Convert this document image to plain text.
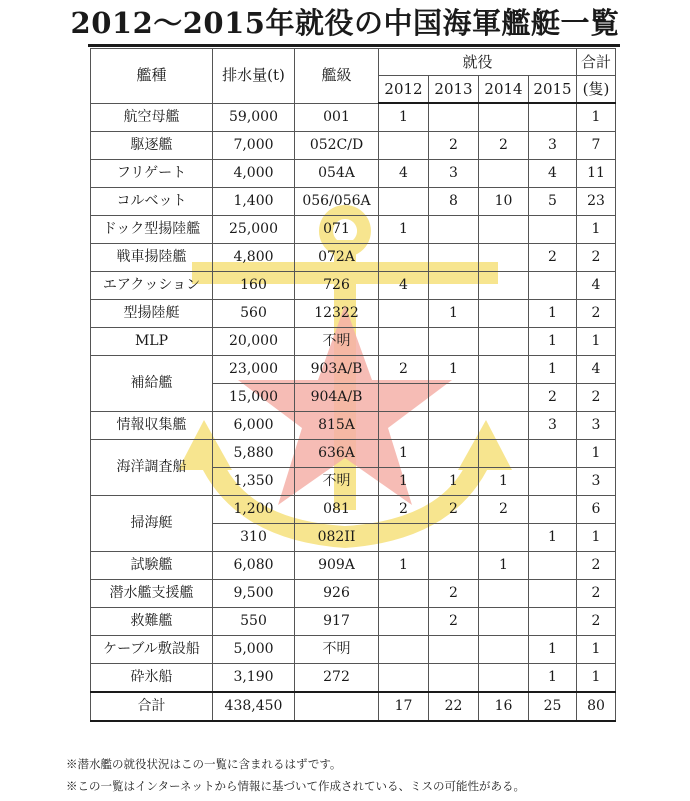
2012〜2015年就役の中国海軍艦艇一覧
艦種	排水量(t)	艦級	就役				合計
			2012	2013	2014	2015	(隻)
航空母艦	59,000	001	1				1
駆逐艦	7,000	052C/D		2	2	3	7
フリゲート	4,000	054A	4	3		4	11
コルベット	1,400	056/056A		8	10	5	23
ドック型揚陸艦	25,000	071	1				1
戦車揚陸艦	4,800	072A				2	2
エアクッション	160	726	4				4
型揚陸艇	560	12322		1		1	2
MLP	20,000	不明				1	1
補給艦	23,000	903A/B	2	1		1	4
	15,000	904A/B				2	2
情報収集艦	6,000	815A				3	3
海洋調査船	5,880	636A	1				1
	1,350	不明	1	1	1		3
掃海艇	1,200	081	2	2	2		6
	310	082II				1	1
試験艦	6,080	909A	1		1		2
潜水艦支援艦	9,500	926		2			2
救難艦	550	917		2			2
ケーブル敷設船	5,000	不明				1	1
砕氷船	3,190	272				1	1
合計	438,450		17	22	16	25	80
※潜水艦の就役状況はこの一覧に含まれるはずです。
※この一覧はインターネットから情報に基づいて作成されている、ミスの可能性がある。
